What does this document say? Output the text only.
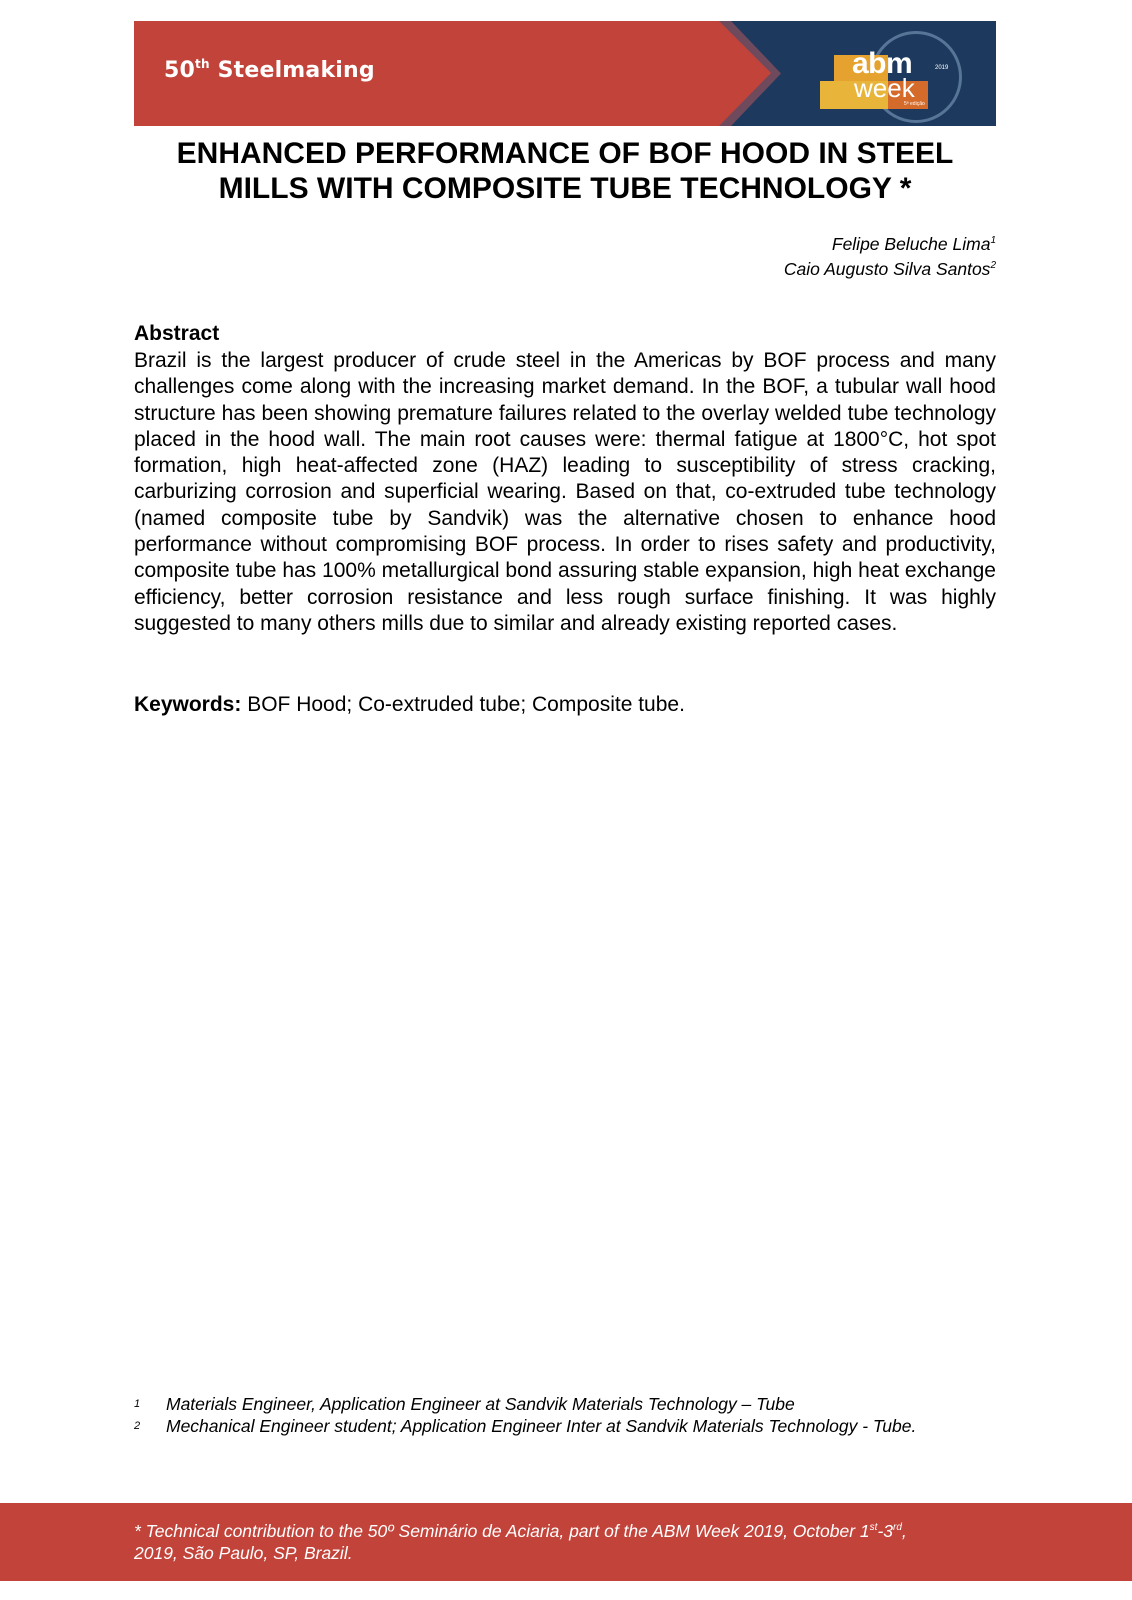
50th Steelmaking	abm
week
2019
5ª edição
ENHANCED PERFORMANCE OF BOF HOOD IN STEEL MILLS WITH COMPOSITE TUBE TECHNOLOGY *
Felipe Beluche Lima$^1$
Caio Augusto Silva Santos$^2$
Abstract
Brazil is the largest producer of crude steel in the Americas by BOF process and many challenges come along with the increasing market demand. In the BOF, a tubular wall hood structure has been showing premature failures related to the overlay welded tube technology placed in the hood wall. The main root causes were: thermal fatigue at 1800°C, hot spot formation, high heat-affected zone (HAZ) leading to susceptibility of stress cracking, carburizing corrosion and superficial wearing. Based on that, co-extruded tube technology (named composite tube by Sandvik) was the alternative chosen to enhance hood performance without compromising BOF process. In order to rises safety and productivity, composite tube has 100% metallurgical bond assuring stable expansion, high heat exchange efficiency, better corrosion resistance and less rough surface finishing. It was highly suggested to many others mills due to similar and already existing reported cases.
Keywords: BOF Hood; Co-extruded tube; Composite tube.
1	Materials Engineer, Application Engineer at Sandvik Materials Technology – Tube
2	Mechanical Engineer student; Application Engineer Inter at Sandvik Materials Technology - Tube.
* Technical contribution to the 50º Seminário de Aciaria, part of the ABM Week 2019, October 1st-3rd,
2019, São Paulo, SP, Brazil.
